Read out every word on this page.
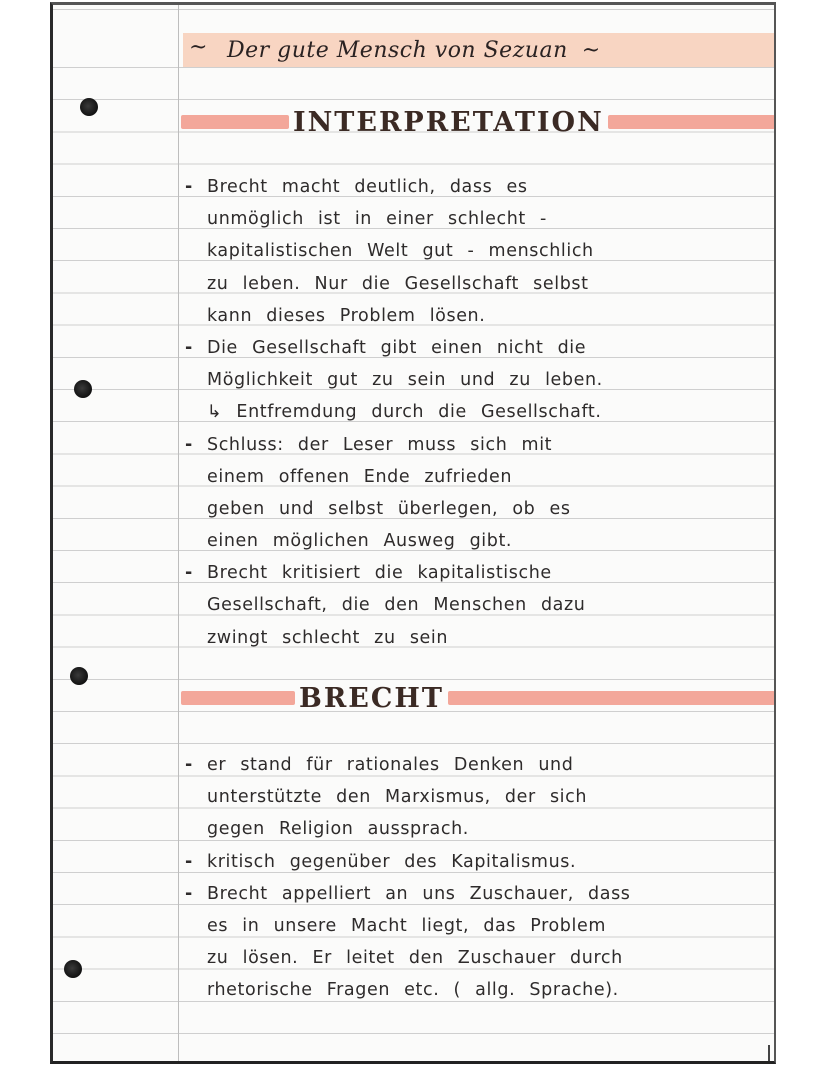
~ Der gute Mensch von Sezuan ~
INTERPRETATION
- Brecht macht deutlich, dass es
unmöglich ist in einer schlecht -
kapitalistischen Welt gut - menschlich
zu leben. Nur die Gesellschaft selbst
kann dieses Problem lösen.
- Die Gesellschaft gibt einen nicht die
Möglichkeit gut zu sein und zu leben.
↳ Entfremdung durch die Gesellschaft.
- Schluss: der Leser muss sich mit
einem offenen Ende zufrieden
geben und selbst überlegen, ob es
einen möglichen Ausweg gibt.
- Brecht kritisiert die kapitalistische
Gesellschaft, die den Menschen dazu
zwingt schlecht zu sein
BRECHT
- er stand für rationales Denken und
unterstützte den Marxismus, der sich
gegen Religion aussprach.
- kritisch gegenüber des Kapitalismus.
- Brecht appelliert an uns Zuschauer, dass
es in unsere Macht liegt, das Problem
zu lösen. Er leitet den Zuschauer durch
rhetorische Fragen etc. ( allg. Sprache).
